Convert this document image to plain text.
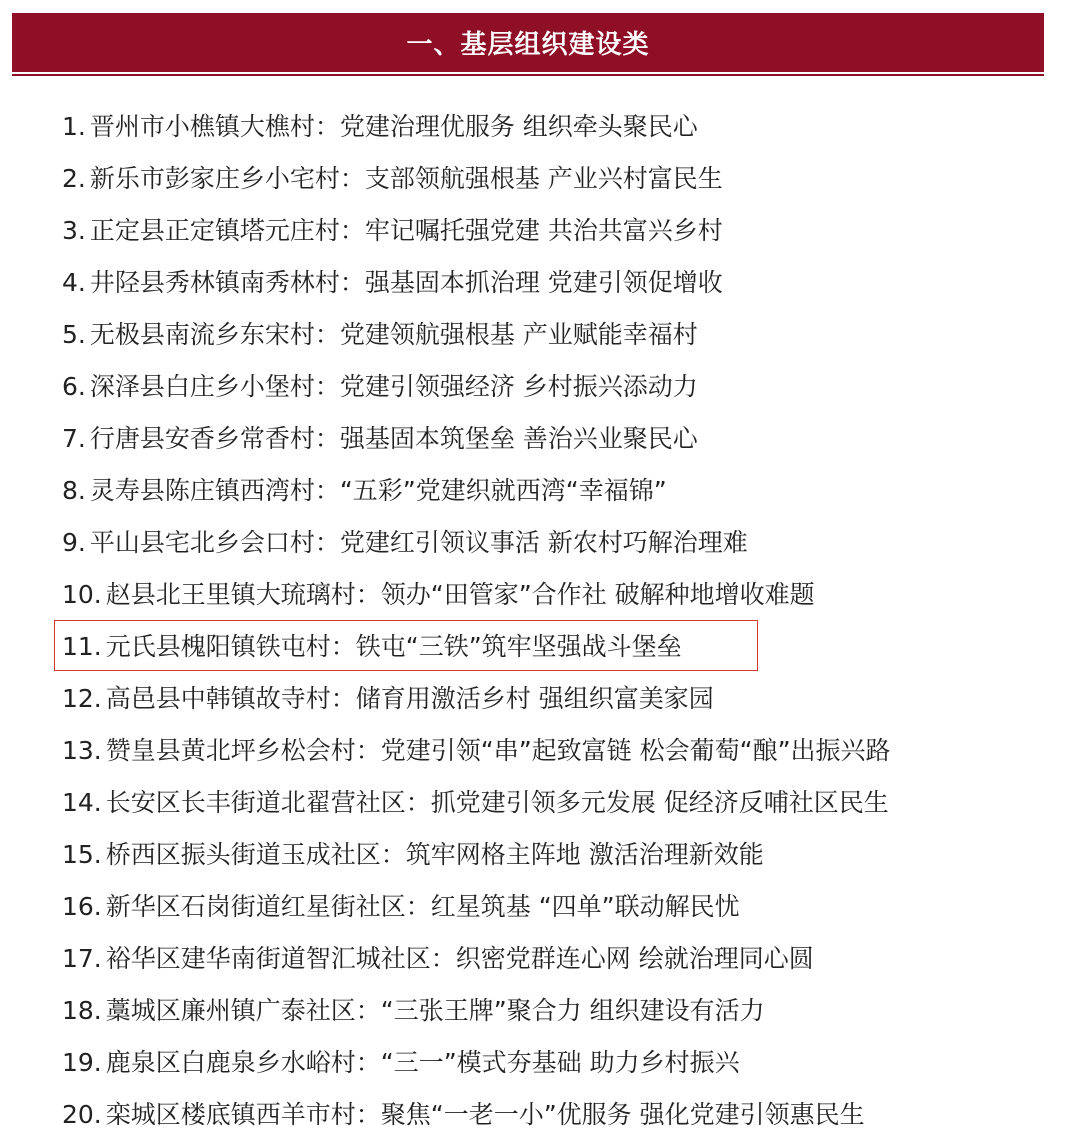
一、基层组织建设类
1. 晋州市小樵镇大樵村：党建治理优服务 组织牵头聚民心
2. 新乐市彭家庄乡小宅村：支部领航强根基 产业兴村富民生
3. 正定县正定镇塔元庄村：牢记嘱托强党建 共治共富兴乡村
4. 井陉县秀林镇南秀林村：强基固本抓治理 党建引领促增收
5. 无极县南流乡东宋村：党建领航强根基 产业赋能幸福村
6. 深泽县白庄乡小堡村：党建引领强经济 乡村振兴添动力
7. 行唐县安香乡常香村：强基固本筑堡垒 善治兴业聚民心
8. 灵寿县陈庄镇西湾村：“五彩”党建织就西湾“幸福锦”
9. 平山县宅北乡会口村：党建红引领议事活 新农村巧解治理难
10. 赵县北王里镇大琉璃村：领办“田管家”合作社 破解种地增收难题
11. 元氏县槐阳镇铁屯村：铁屯“三铁”筑牢坚强战斗堡垒
12. 高邑县中韩镇故寺村：储育用激活乡村 强组织富美家园
13. 赞皇县黄北坪乡松会村：党建引领“串”起致富链 松会葡萄“酿”出振兴路
14. 长安区长丰街道北翟营社区：抓党建引领多元发展 促经济反哺社区民生
15. 桥西区振头街道玉成社区：筑牢网格主阵地 激活治理新效能
16. 新华区石岗街道红星街社区：红星筑基 “四单”联动解民忧
17. 裕华区建华南街道智汇城社区：织密党群连心网 绘就治理同心圆
18. 藁城区廉州镇广泰社区：“三张王牌”聚合力 组织建设有活力
19. 鹿泉区白鹿泉乡水峪村：“三一”模式夯基础 助力乡村振兴
20. 栾城区楼底镇西羊市村：聚焦“一老一小”优服务 强化党建引领惠民生
